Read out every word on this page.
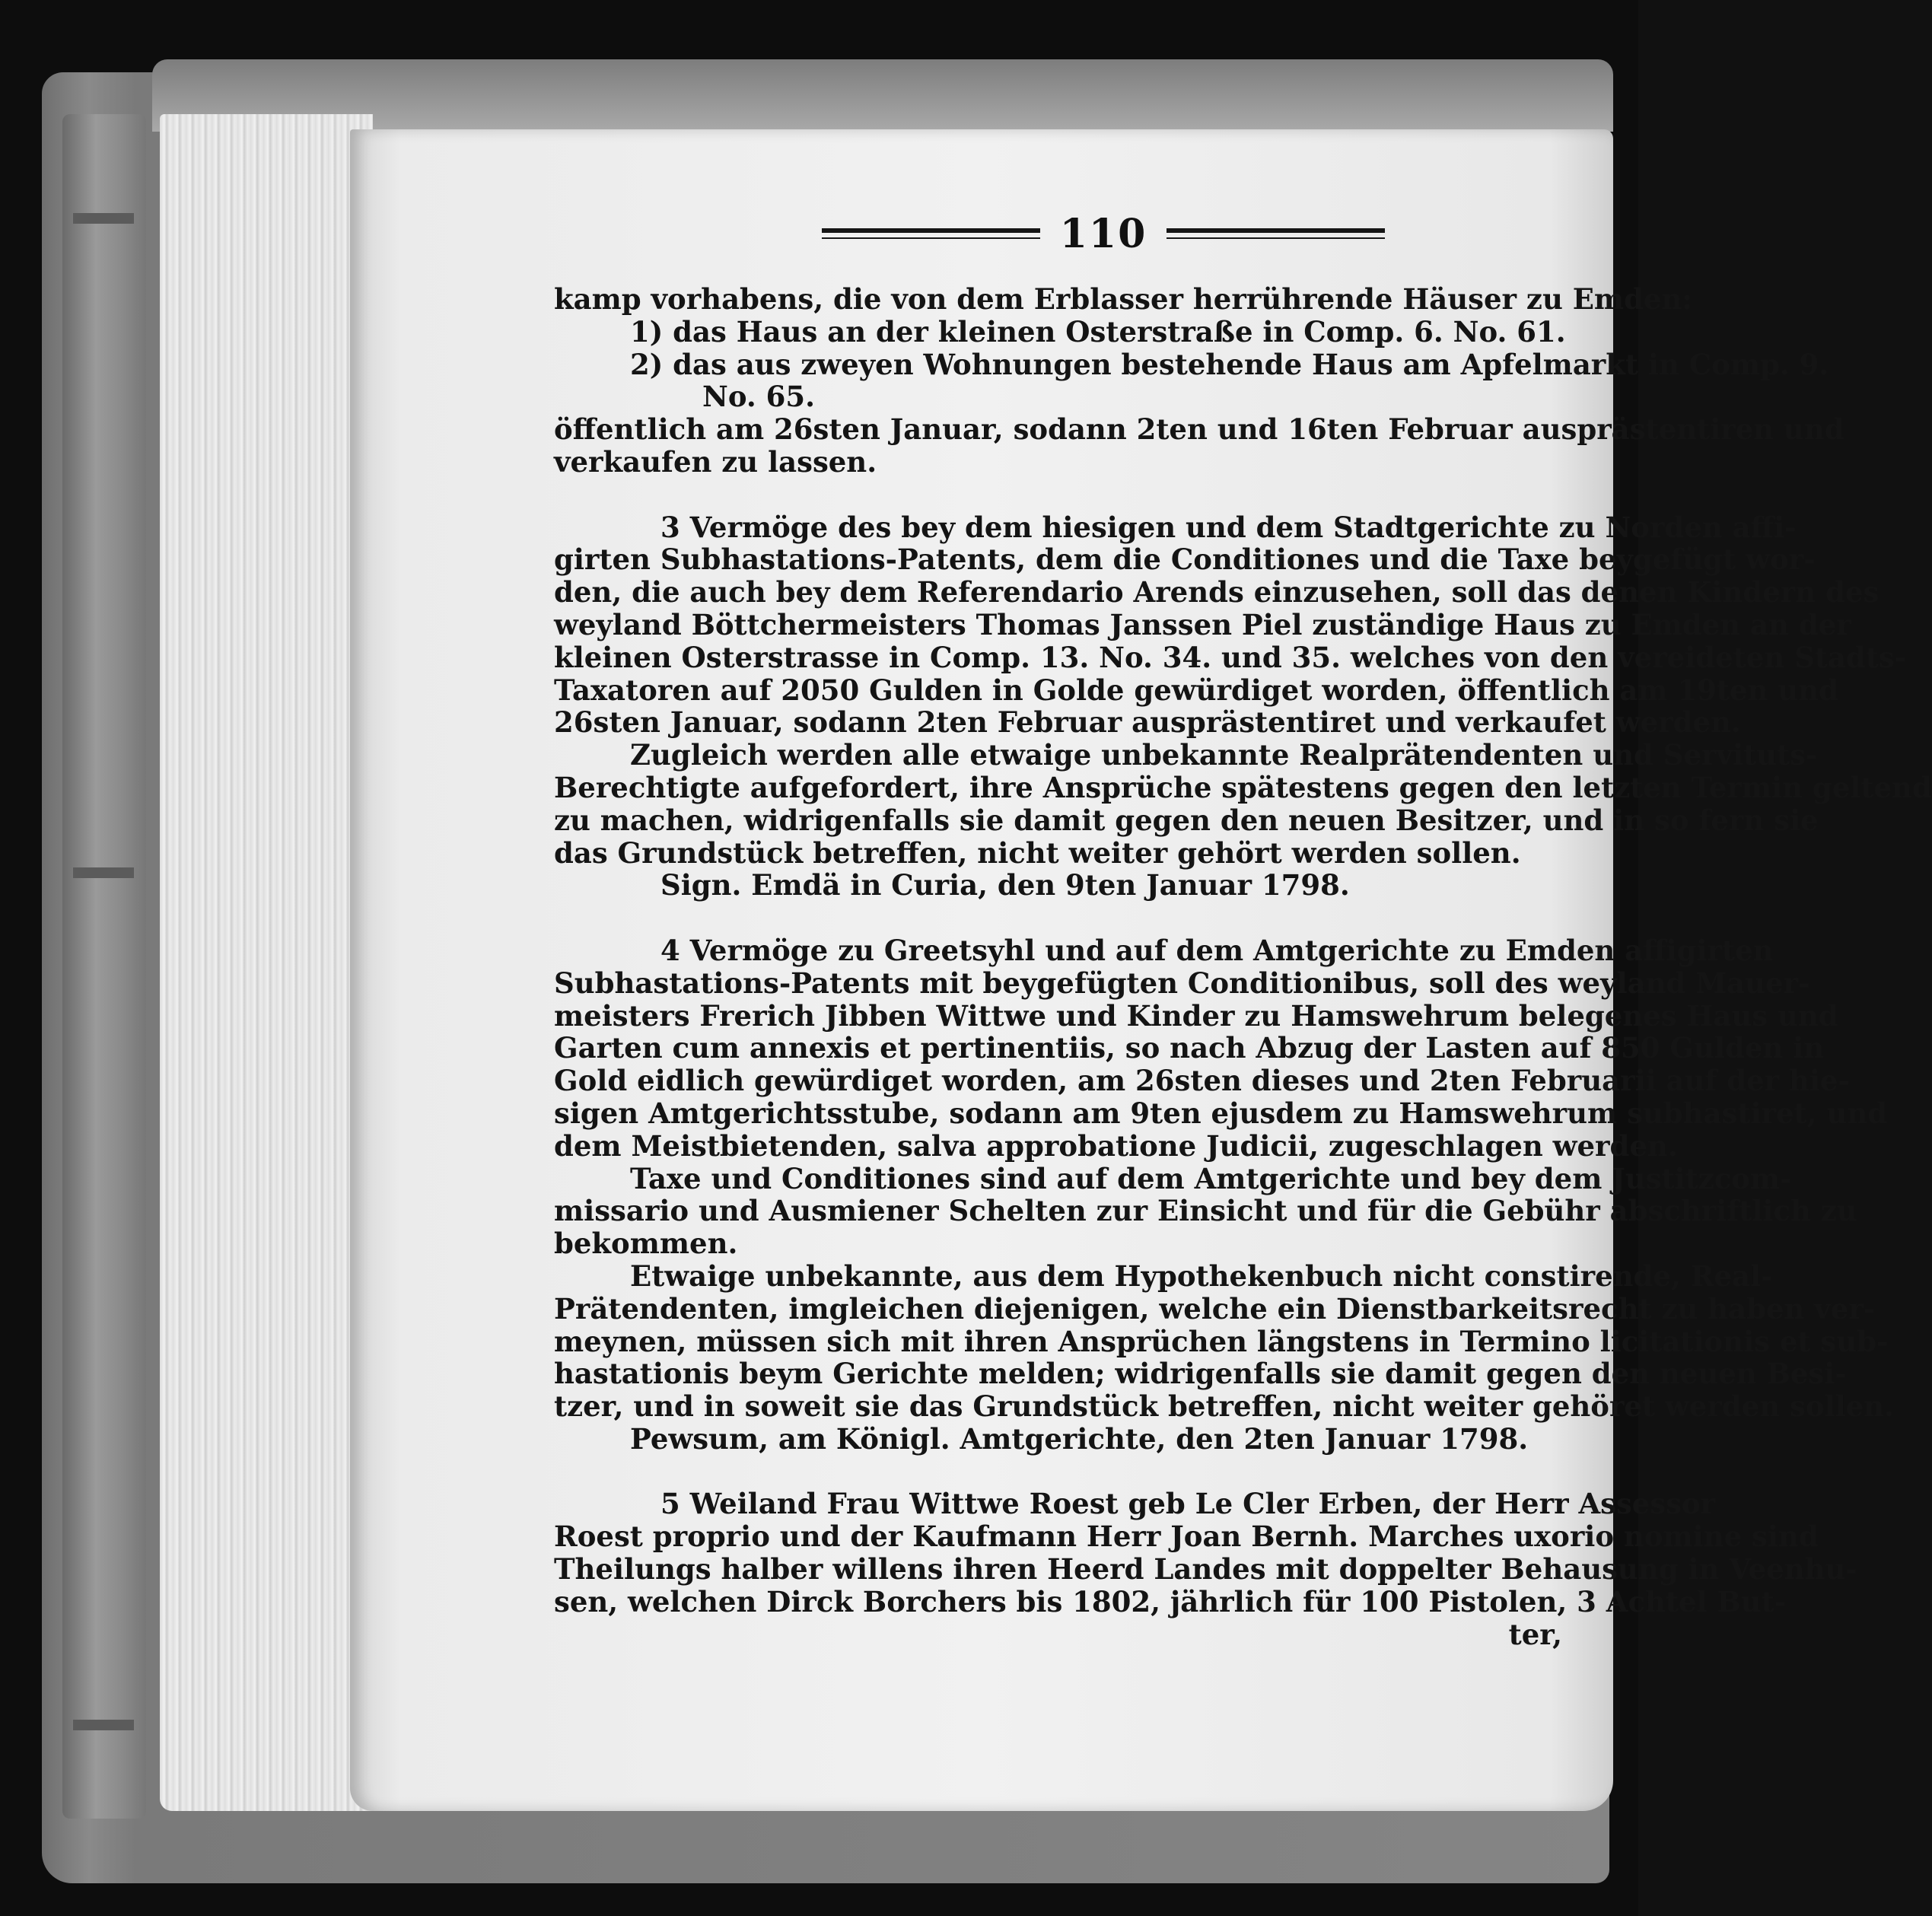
110

kamp vorhabens, die von dem Erblasser herrührende Häuser zu Emden:

1) das Haus an der kleinen Osterstraße in Comp. 6. No. 61.

2) das aus zweyen Wohnungen bestehende Haus am Apfelmarkt in Comp. 9.

No. 65.

öffentlich am 26sten Januar, sodann 2ten und 16ten Februar ausprästentiren und

verkaufen zu lassen.

3 Vermöge des bey dem hiesigen und dem Stadtgerichte zu Norden affi-

girten Subhastations-Patents, dem die Conditiones und die Taxe beygefügt wor-

den, die auch bey dem Referendario Arends einzusehen, soll das denen Kindern des

weyland Böttchermeisters Thomas Janssen Piel zuständige Haus zu Emden an der

kleinen Osterstrasse in Comp. 13. No. 34. und 35. welches von den vereideten Stadts-

Taxatoren auf 2050 Gulden in Golde gewürdiget worden, öffentlich am 19ten und

26sten Januar, sodann 2ten Februar ausprästentiret und verkaufet werden.

Zugleich werden alle etwaige unbekannte Realprätendenten und Servituts-

Berechtigte aufgefordert, ihre Ansprüche spätestens gegen den letzten Termin geltend

zu machen, widrigenfalls sie damit gegen den neuen Besitzer, und in so fern sie

das Grundstück betreffen, nicht weiter gehört werden sollen.

Sign. Emdä in Curia, den 9ten Januar 1798.

4 Vermöge zu Greetsyhl und auf dem Amtgerichte zu Emden affigirten

Subhastations-Patents mit beygefügten Conditionibus, soll des weyland Mauer-

meisters Frerich Jibben Wittwe und Kinder zu Hamswehrum belegenes Haus und

Garten cum annexis et pertinentiis, so nach Abzug der Lasten auf 850 Gulden in

Gold eidlich gewürdiget worden, am 26sten dieses und 2ten Februarii auf der hie-

sigen Amtgerichtsstube, sodann am 9ten ejusdem zu Hamswehrum subhastiret, und

dem Meistbietenden, salva approbatione Judicii, zugeschlagen werden.

Taxe und Conditiones sind auf dem Amtgerichte und bey dem Justitzcom-

missario und Ausmiener Schelten zur Einsicht und für die Gebühr abschriftlich zu

bekommen.

Etwaige unbekannte, aus dem Hypothekenbuch nicht constirende, Real-

Prätendenten, imgleichen diejenigen, welche ein Dienstbarkeitsrecht zu haben ver-

meynen, müssen sich mit ihren Ansprüchen längstens in Termino licitationis et sub-

hastationis beym Gerichte melden; widrigenfalls sie damit gegen den neuen Besi-

tzer, und in soweit sie das Grundstück betreffen, nicht weiter gehöret werden sollen.

Pewsum, am Königl. Amtgerichte, den 2ten Januar 1798.

5 Weiland Frau Wittwe Roest geb Le Cler Erben, der Herr Assessor

Roest proprio und der Kaufmann Herr Joan Bernh. Marches uxorio nomine sind

Theilungs halber willens ihren Heerd Landes mit doppelter Behausung in Veenhu-

sen, welchen Dirck Borchers bis 1802, jährlich für 100 Pistolen, 3 Achtel But-

ter,
